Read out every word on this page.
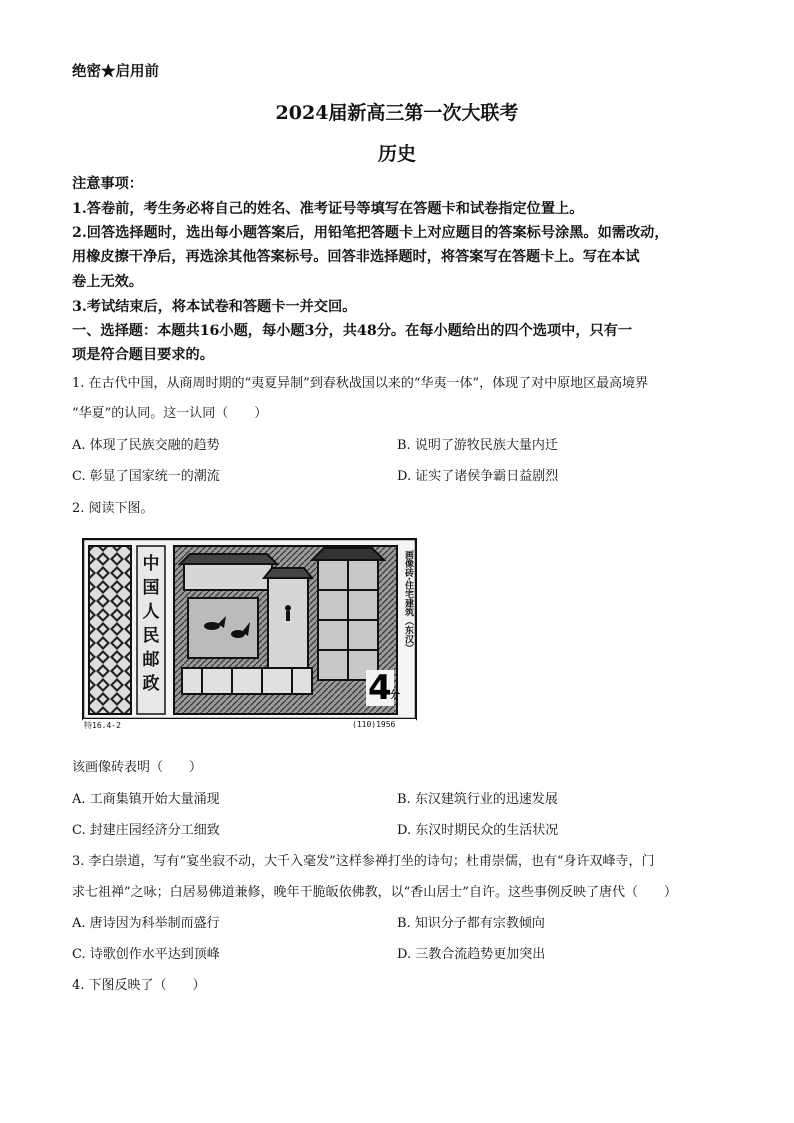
绝密★启用前
2024届新高三第一次大联考
历史
注意事项：
1.答卷前，考生务必将自己的姓名、准考证号等填写在答题卡和试卷指定位置上。
2.回答选择题时，选出每小题答案后，用铅笔把答题卡上对应题目的答案标号涂黑。如需改动，
用橡皮擦干净后，再选涂其他答案标号。回答非选择题时，将答案写在答题卡上。写在本试
卷上无效。
3.考试结束后，将本试卷和答题卡一并交回。
一、选择题：本题共16小题，每小题3分，共48分。在每小题给出的四个选项中，只有一
项是符合题目要求的。
1. 在古代中国，从商周时期的“夷夏异制”到春秋战国以来的“华夷一体”，体现了对中原地区最高境界
“华夏”的认同。这一认同（　　）
A. 体现了民族交融的趋势	B. 说明了游牧民族大量内迁
C. 彰显了国家统一的潮流	D. 证实了诸侯争霸日益剧烈
2. 阅读下图。
中
国
人
民
邮
政
画像砖·住宅建筑（东汉）
4
分
特16.4-2	(110)1956
该画像砖表明（　　）
A. 工商集镇开始大量涌现	B. 东汉建筑行业的迅速发展
C. 封建庄园经济分工细致	D. 东汉时期民众的生活状况
3. 李白崇道，写有“宴坐寂不动，大千入毫发”这样参禅打坐的诗句；杜甫崇儒，也有“身许双峰寺，门
求七祖禅”之咏；白居易佛道兼修，晚年干脆皈依佛教，以“香山居士”自许。这些事例反映了唐代（　　）
A. 唐诗因为科举制而盛行	B. 知识分子都有宗教倾向
C. 诗歌创作水平达到顶峰	D. 三教合流趋势更加突出
4. 下图反映了（　　）
